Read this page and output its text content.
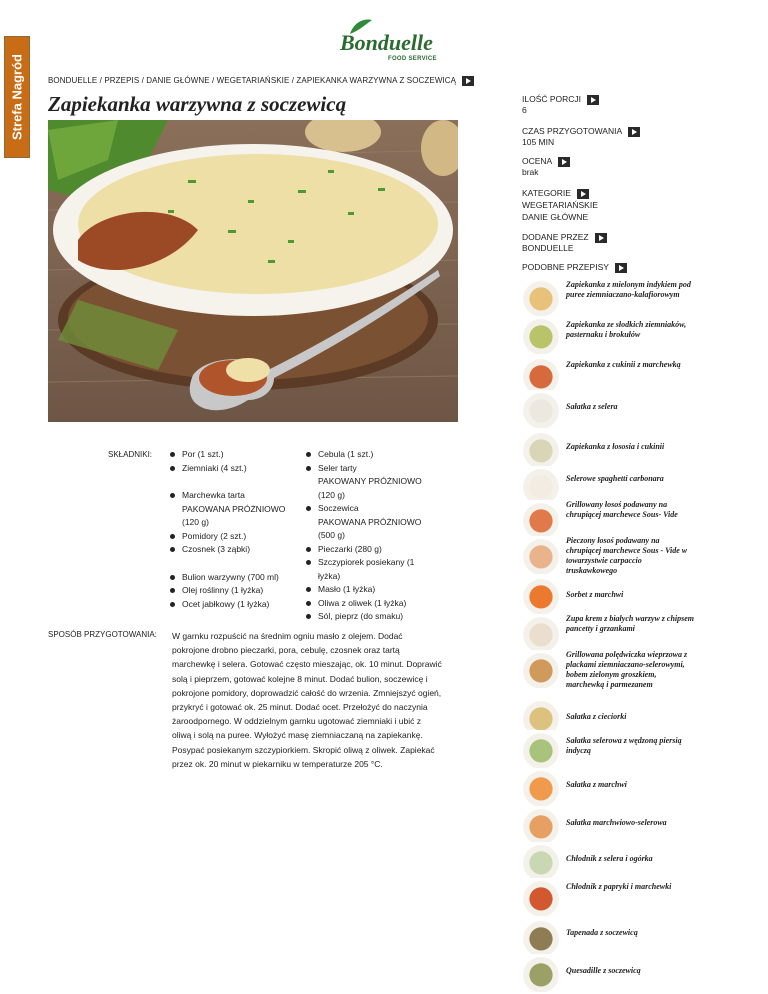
Strefa Nagród
Bonduelle
FOOD SERVICE
BONDUELLE / PRZEPIS / DANIE GŁÓWNE / WEGETARIAŃSKIE / ZAPIEKANKA WARZYWNA Z SOCZEWICĄ
Zapiekanka warzywna z soczewicą	ILOŚĆ PORCJI
6
CZAS PRZYGOTOWANIA
105 MIN
OCENA
brak
KATEGORIE
WEGETARIAŃSKIE
DANIE GŁÓWNE
DODANE PRZEZ
BONDUELLE
PODOBNE PRZEPISY
SKŁADNIKI:	Por (1 szt.)
Ziemniaki (4 szt.)
Marchewka tarta
PAKOWANA PRÓŻNIOWO
(120 g)
Pomidory (2 szt.)
Czosnek (3 ząbki)
Bulion warzywny (700 ml)
Olej roślinny (1 łyżka)
Ocet jabłkowy (1 łyżka)
Cebula (1 szt.)
Seler tarty
PAKOWANY PRÓŻNIOWO
(120 g)
Soczewica
PAKOWANA PRÓŻNIOWO
(500 g)
Pieczarki (280 g)
Szczypiorek posiekany (1
łyżka)
Masło (1 łyżka)
Oliwa z oliwek (1 łyżka)
Sól, pieprz (do smaku)
SPOSÓB PRZYGOTOWANIA: W garnku rozpuścić na średnim ogniu masło z olejem. Dodać pokrojone drobno pieczarki, pora, cebulę, czosnek oraz tartą marchewkę i selera. Gotować często mieszając, ok. 10 minut. Doprawić solą i pieprzem, gotować kolejne 8 minut. Dodać bulion, soczewicę i pokrojone pomidory, doprowadzić całość do wrzenia. Zmniejszyć ogień, przykryć i gotować ok. 25 minut. Dodać ocet. Przełożyć do naczynia żaroodpornego. W oddzielnym garnku ugotować ziemniaki i ubić z oliwą i solą na puree. Wyłożyć masę ziemniaczaną na zapiekankę. Posypać posiekanym szczypiorkiem. Skropić oliwą z oliwek. Zapiekać przez ok. 20 minut w piekarniku w temperaturze 205 °C.

Zapiekanka z mielonym indykiem pod puree ziemniaczano-kalafiorowym
Zapiekanka ze słodkich ziemniaków, pasternaku i brokułów
Zapiekanka z cukinii z marchewką
Sałatka z selera
Zapiekanka z łososia i cukinii
Selerowe spaghetti carbonara
Grillowany łosoś podawany na chrupiącej marchewce Sous- Vide
Pieczony łosoś podawany na chrupiącej marchewce Sous - Vide w towarzystwie carpaccio truskawkowego
Sorbet z marchwi
Zupa krem z białych warzyw z chipsem pancetty i grzankami
Grillowana polędwiczka wieprzowa z plackami ziemniaczano-selerowymi, bobem zielonym groszkiem, marchewką i parmezanem
Sałatka z cieciorki
Sałatka selerowa z wędzoną piersią indyczą
Sałatka z marchwi
Sałatka marchwiowo-selerowa
Chłodnik z selera i ogórka
Chłodnik z papryki i marchewki
Tapenada z soczewicą
Quesadille z soczewicą
